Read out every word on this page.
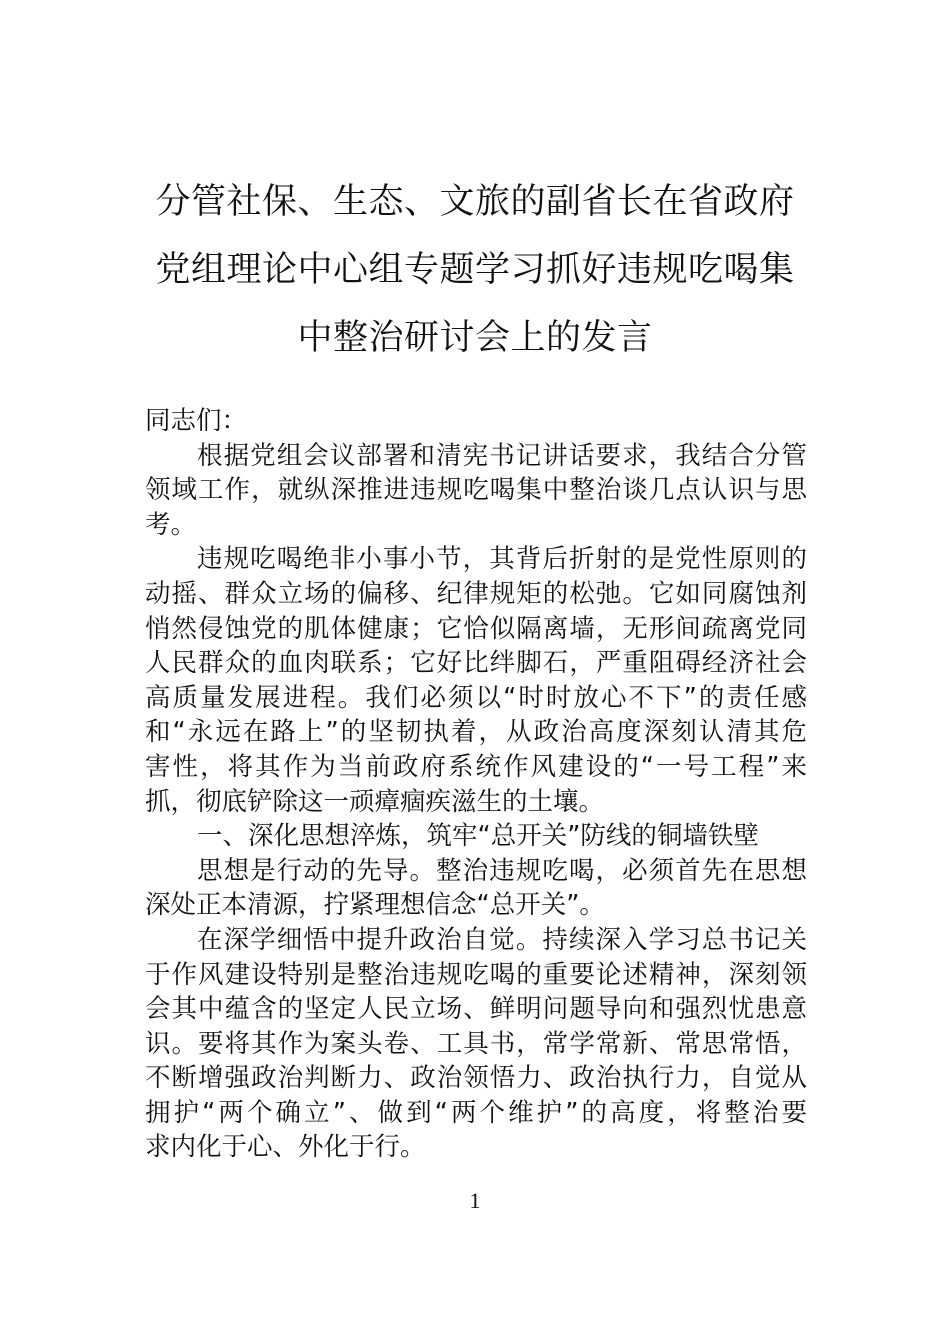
分管社保、生态、文旅的副省长在省政府
党组理论中心组专题学习抓好违规吃喝集
中整治研讨会上的发言
同志们：
根据党组会议部署和清宪书记讲话要求，我结合分管
领域工作，就纵深推进违规吃喝集中整治谈几点认识与思
考。
违规吃喝绝非小事小节，其背后折射的是党性原则的
动摇、群众立场的偏移、纪律规矩的松弛。它如同腐蚀剂
悄然侵蚀党的肌体健康；它恰似隔离墙，无形间疏离党同
人民群众的血肉联系；它好比绊脚石，严重阻碍经济社会
高质量发展进程。我们必须以“时时放心不下”的责任感
和“永远在路上”的坚韧执着，从政治高度深刻认清其危
害性，将其作为当前政府系统作风建设的“一号工程”来
抓，彻底铲除这一顽瘴痼疾滋生的土壤。
一、深化思想淬炼，筑牢“总开关”防线的铜墙铁壁
思想是行动的先导。整治违规吃喝，必须首先在思想
深处正本清源，拧紧理想信念“总开关”。
在深学细悟中提升政治自觉。持续深入学习总书记关
于作风建设特别是整治违规吃喝的重要论述精神，深刻领
会其中蕴含的坚定人民立场、鲜明问题导向和强烈忧患意
识。要将其作为案头卷、工具书，常学常新、常思常悟，
不断增强政治判断力、政治领悟力、政治执行力，自觉从
拥护“两个确立”、做到“两个维护”的高度，将整治要
求内化于心、外化于行。
1
